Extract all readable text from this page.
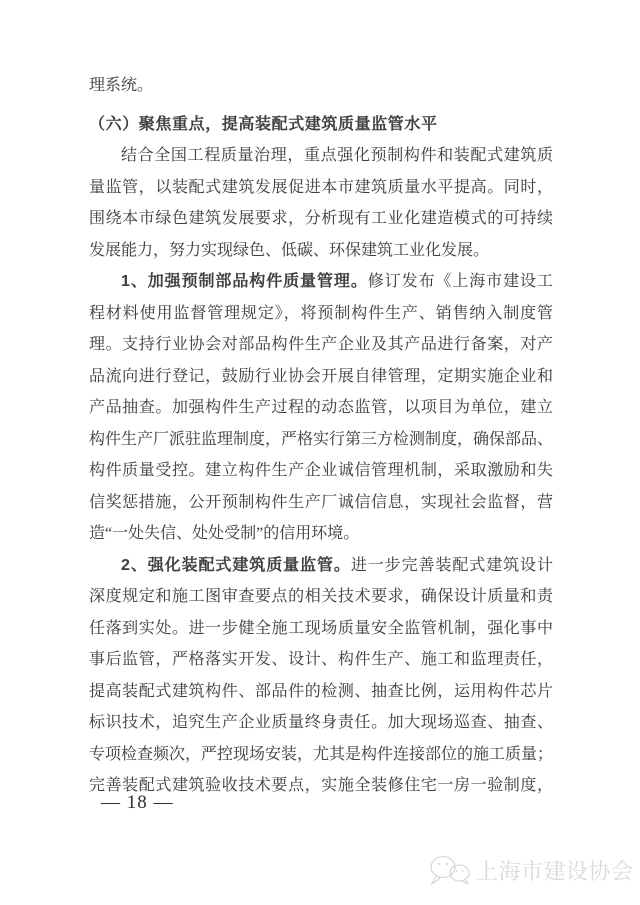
理系统。
（六）聚焦重点，提高装配式建筑质量监管水平
结合全国工程质量治理，重点强化预制构件和装配式建筑质
量监管，以装配式建筑发展促进本市建筑质量水平提高。同时，
围绕本市绿色建筑发展要求，分析现有工业化建造模式的可持续
发展能力，努力实现绿色、低碳、环保建筑工业化发展。
1、加强预制部品构件质量管理。修订发布《上海市建设工
程材料使用监督管理规定》，将预制构件生产、销售纳入制度管
理。支持行业协会对部品构件生产企业及其产品进行备案，对产
品流向进行登记，鼓励行业协会开展自律管理，定期实施企业和
产品抽查。加强构件生产过程的动态监管，以项目为单位，建立
构件生产厂派驻监理制度，严格实行第三方检测制度，确保部品、
构件质量受控。建立构件生产企业诚信管理机制，采取激励和失
信奖惩措施，公开预制构件生产厂诚信信息，实现社会监督，营
造“一处失信、处处受制”的信用环境。
2、强化装配式建筑质量监管。进一步完善装配式建筑设计
深度规定和施工图审查要点的相关技术要求，确保设计质量和责
任落到实处。进一步健全施工现场质量安全监管机制，强化事中
事后监管，严格落实开发、设计、构件生产、施工和监理责任，
提高装配式建筑构件、部品件的检测、抽查比例，运用构件芯片
标识技术，追究生产企业质量终身责任。加大现场巡查、抽查、
专项检查频次，严控现场安装，尤其是构件连接部位的施工质量；
完善装配式建筑验收技术要点，实施全装修住宅一房一验制度，
— 18 —
上海市建设协会
